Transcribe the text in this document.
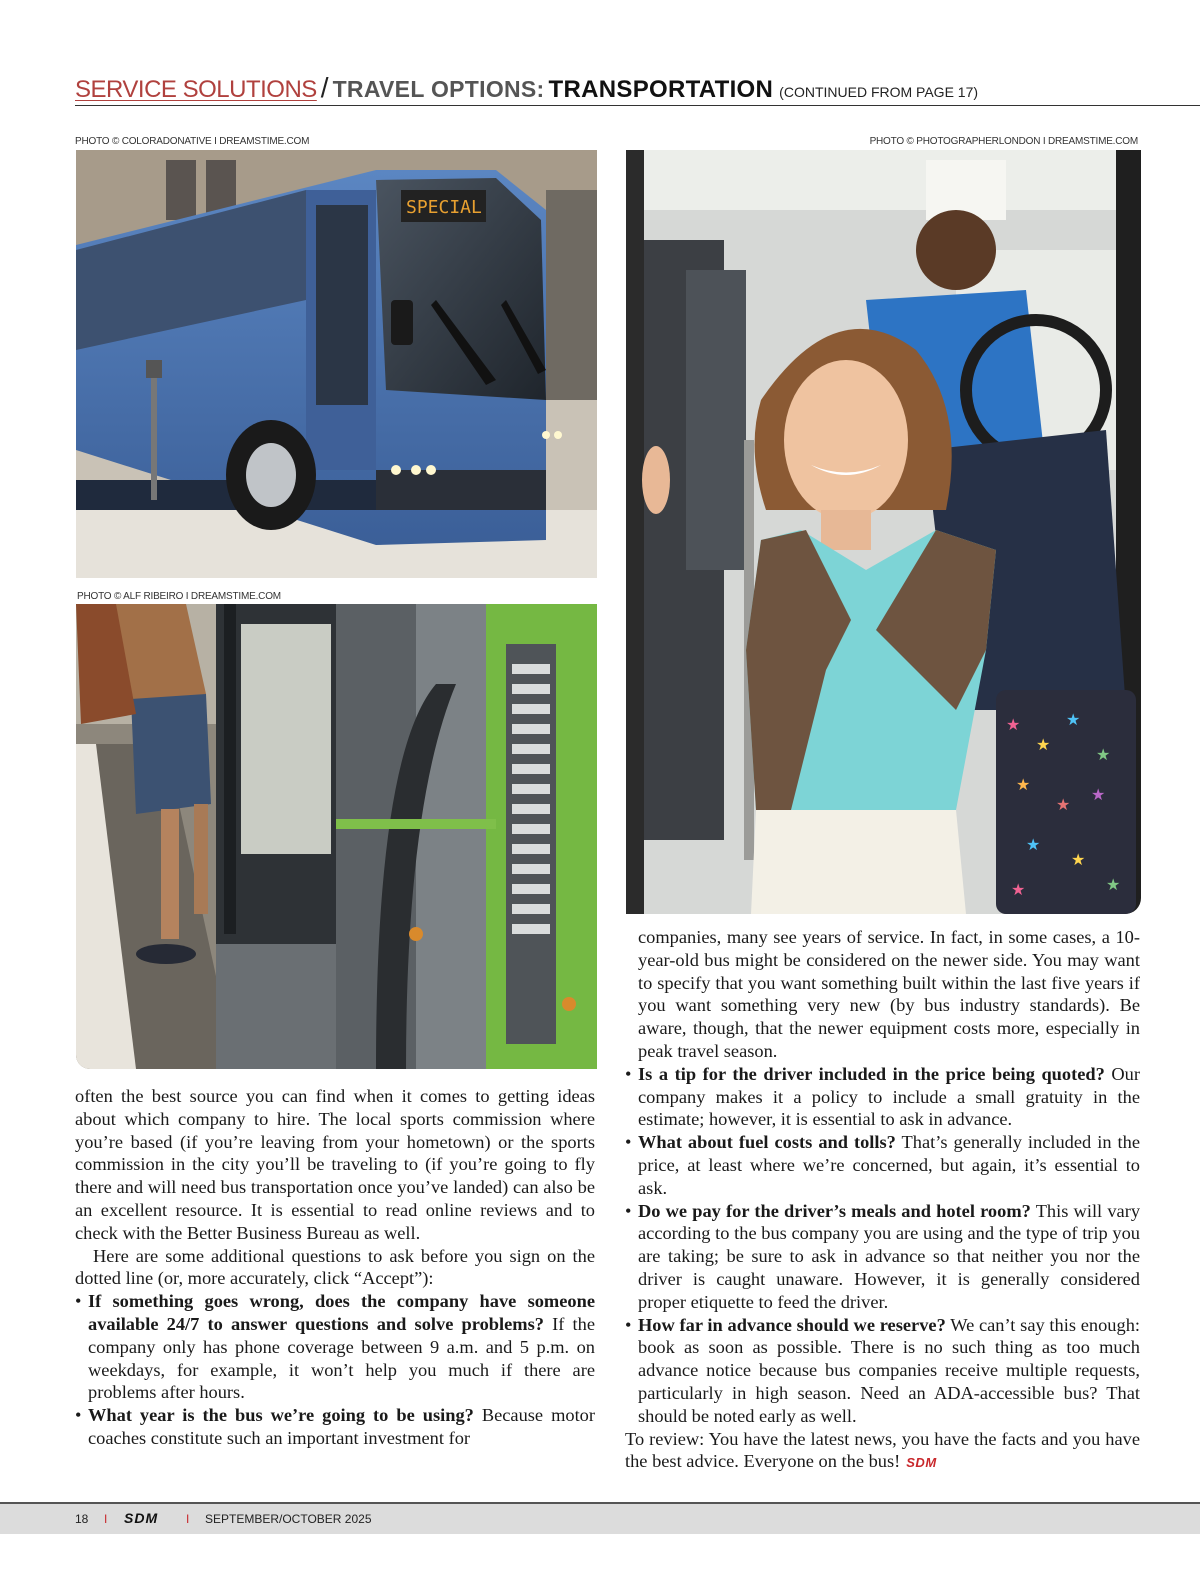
SERVICE SOLUTIONS / TRAVEL OPTIONS: TRANSPORTATION (CONTINUED FROM PAGE 17)
PHOTO © COLORADONATIVE I DREAMSTIME.COM
SPECIAL
PHOTO © ALF RIBEIRO I DREAMSTIME.COM
PHOTO © PHOTOGRAPHERLONDON I DREAMSTIME.COM
★
★
★
★
★
★
★
★
★
★
★

often the best source you can find when it comes to getting ideas about which company to hire. The local sports commission where you’re based (if you’re leaving from your hometown) or the sports commission in the city you’ll be traveling to (if you’re going to fly there and will need bus transportation once you’ve landed) can also be an excellent resource. It is essential to read online reviews and to check with the Better Business Bureau as well.

Here are some additional questions to ask before you sign on the dotted line (or, more accurately, click “Accept”):

• If something goes wrong, does the company have someone available 24/7 to answer questions and solve problems? If the company only has phone coverage between 9 a.m. and 5 p.m. on weekdays, for example, it won’t help you much if there are problems after hours.
• What year is the bus we’re going to be using? Because motor coaches constitute such an important investment for

companies, many see years of service. In fact, in some cases, a 10-year-old bus might be considered on the newer side. You may want to specify that you want something built within the last five years if you want something very new (by bus industry standards). Be aware, though, that the newer equipment costs more, especially in peak travel season.

• Is a tip for the driver included in the price being quoted? Our company makes it a policy to include a small gratuity in the estimate; however, it is essential to ask in advance.
• What about fuel costs and tolls? That’s generally included in the price, at least where we’re concerned, but again, it’s essential to ask.
• Do we pay for the driver’s meals and hotel room? This will vary according to the bus company you are using and the type of trip you are taking; be sure to ask in advance so that neither you nor the driver is caught unaware. However, it is generally considered proper etiquette to feed the driver.
• How far in advance should we reserve? We can’t say this enough: book as soon as possible. There is no such thing as too much advance notice because bus companies receive multiple requests, particularly in high season. Need an ADA-accessible bus? That should be noted early as well.

To review: You have the latest news, you have the facts and you have the best advice. Everyone on the bus! SDM

18 I SDM I SEPTEMBER/OCTOBER 2025
